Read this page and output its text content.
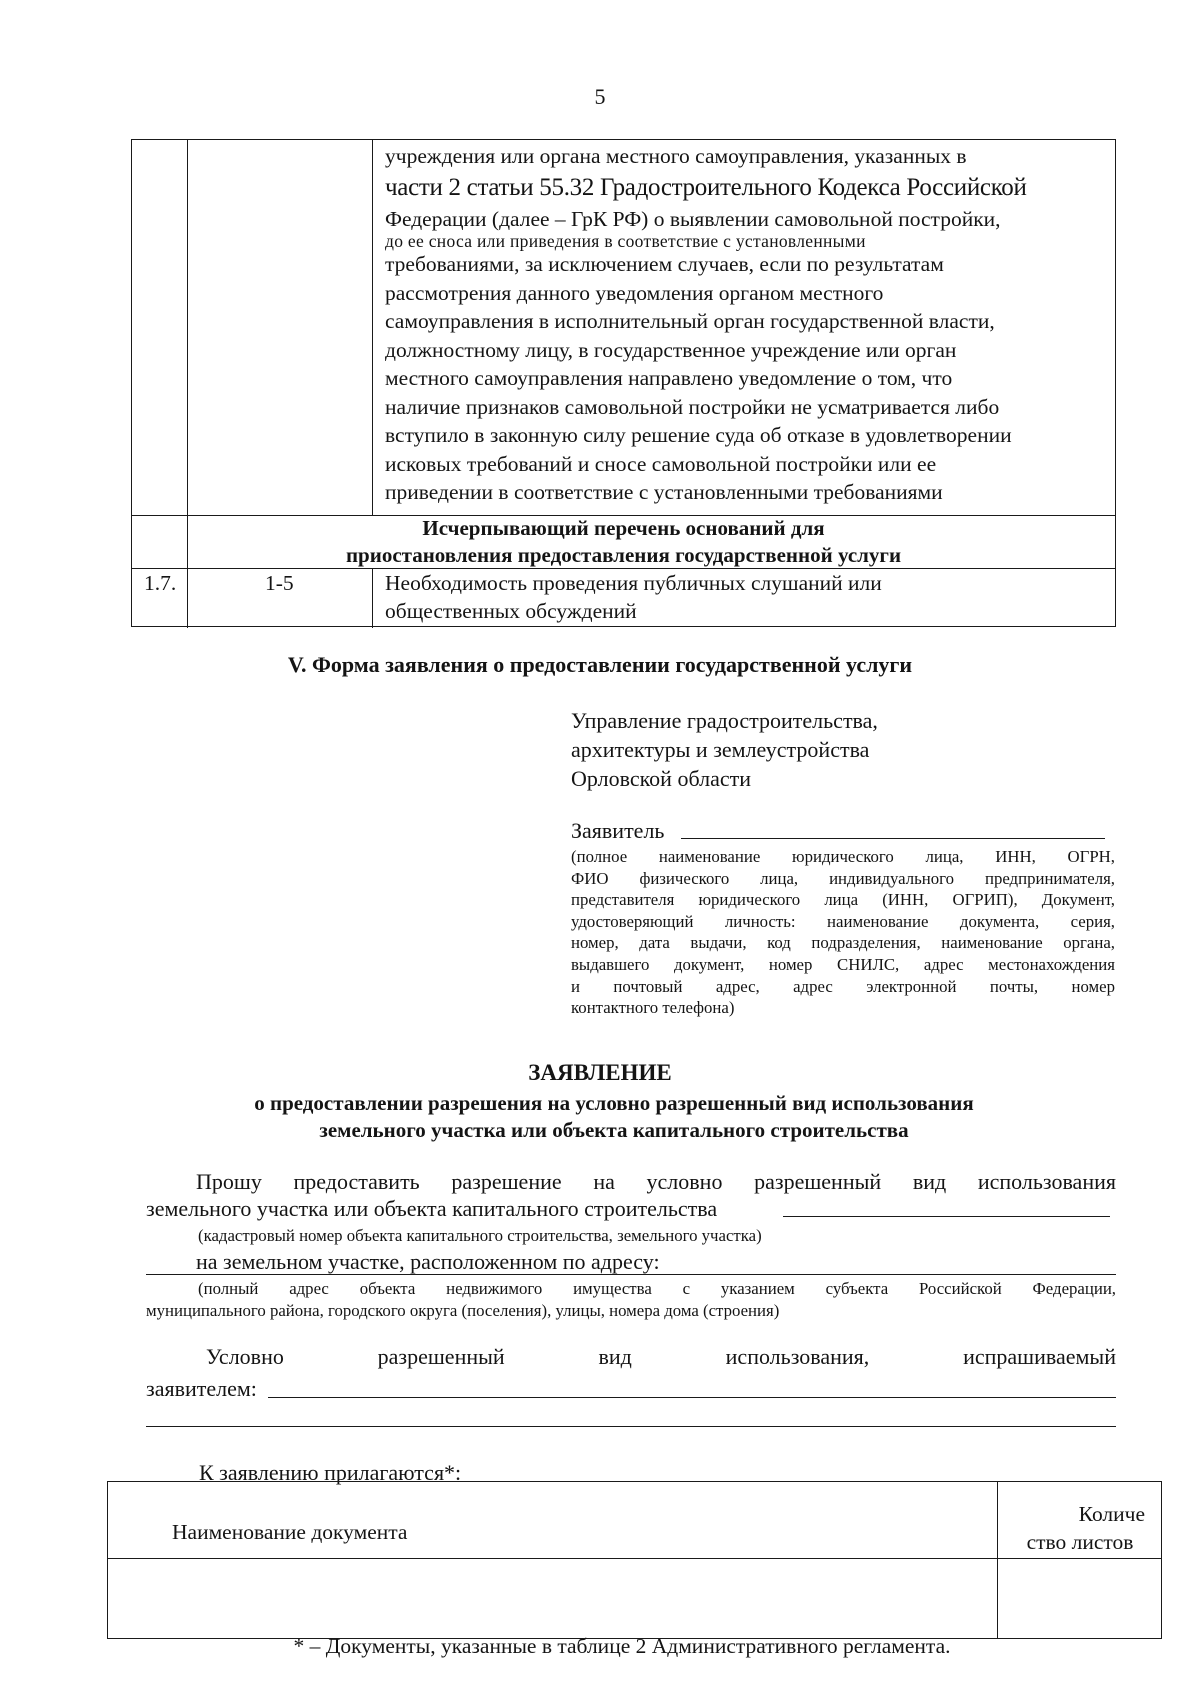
5
учреждения или органа местного самоуправления, указанных в
части 2 статьи 55.32 Градостроительного Кодекса Российской
Федерации (далее – ГрК РФ) о выявлении самовольной постройки,
до ее сноса или приведения в соответствие с установленными
требованиями, за исключением случаев, если по результатам
рассмотрения данного уведомления органом местного
самоуправления в исполнительный орган государственной власти,
должностному лицу, в государственное учреждение или орган
местного самоуправления направлено уведомление о том, что
наличие признаков самовольной постройки не усматривается либо
вступило в законную силу решение суда об отказе в удовлетворении
исковых требований и сносе самовольной постройки или ее
приведении в соответствие с установленными требованиями
Исчерпывающий перечень оснований для
приостановления предоставления государственной услуги
1.7.	1-5	Необходимость проведения публичных слушаний или
общественных обсуждений
V. Форма заявления о предоставлении государственной услуги
Управление градостроительства,
архитектуры и землеустройства
Орловской области
Заявитель
(полное наименование юридического лица, ИНН, ОГРН,
ФИО физического лица, индивидуального предпринимателя,
представителя юридического лица (ИНН, ОГРИП), Документ,
удостоверяющий личность: наименование документа, серия,
номер, дата выдачи, код подразделения, наименование органа,
выдавшего документ, номер СНИЛС, адрес местонахождения
и почтовый адрес, адрес электронной почты, номер
контактного телефона)
ЗАЯВЛЕНИЕ
о предоставлении разрешения на условно разрешенный вид использования
земельного участка или объекта капитального строительства
Прошу предоставить разрешение на условно разрешенный вид использования
земельного участка или объекта капитального строительства
(кадастровый номер объекта капитального строительства, земельного участка)
на земельном участке, расположенном по адресу:
(полный адрес объекта недвижимого имущества с указанием субъекта Российской Федерации,
муниципального района, городского округа (поселения), улицы, номера дома (строения)
Условно разрешенный вид использования, испрашиваемый
заявителем:
К заявлению прилагаются*:
Наименование документа
Количе
ство листов
* – Документы, указанные в таблице 2 Административного регламента.
